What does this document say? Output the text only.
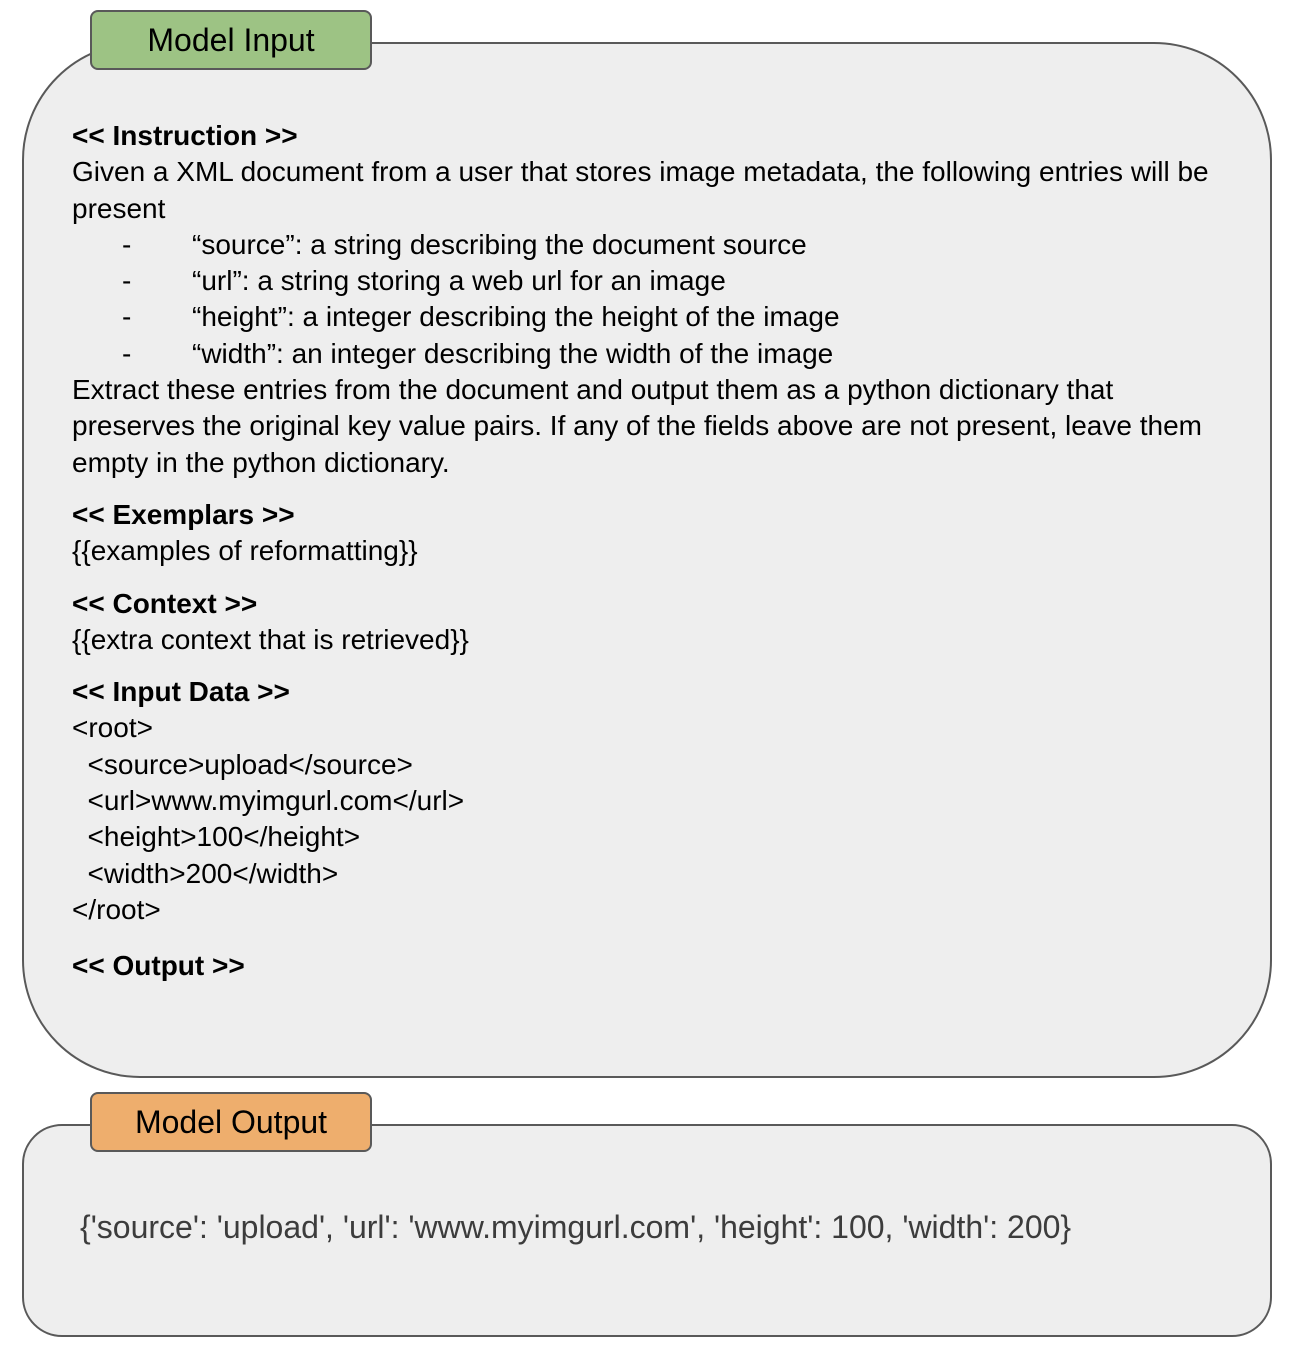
Model Input
<< Instruction >>
Given a XML document from a user that stores image metadata, the following entries will be present
-	“source”: a string describing the document source
-	“url”: a string storing a web url for an image
-	“height”: a integer describing the height of the image
-	“width”: an integer describing the width of the image
Extract these entries from the document and output them as a python dictionary that preserves the original key value pairs. If any of the fields above are not present, leave them empty in the python dictionary.
<< Exemplars >>
{{examples of reformatting}}
<< Context >>
{{extra context that is retrieved}}
<< Input Data >>
<root>
<source>upload</source>
<url>www.myimgurl.com</url>
<height>100</height>
<width>200</width>
</root>
<< Output >>
Model Output
{'source': 'upload', 'url': 'www.myimgurl.com', 'height': 100, 'width': 200}
